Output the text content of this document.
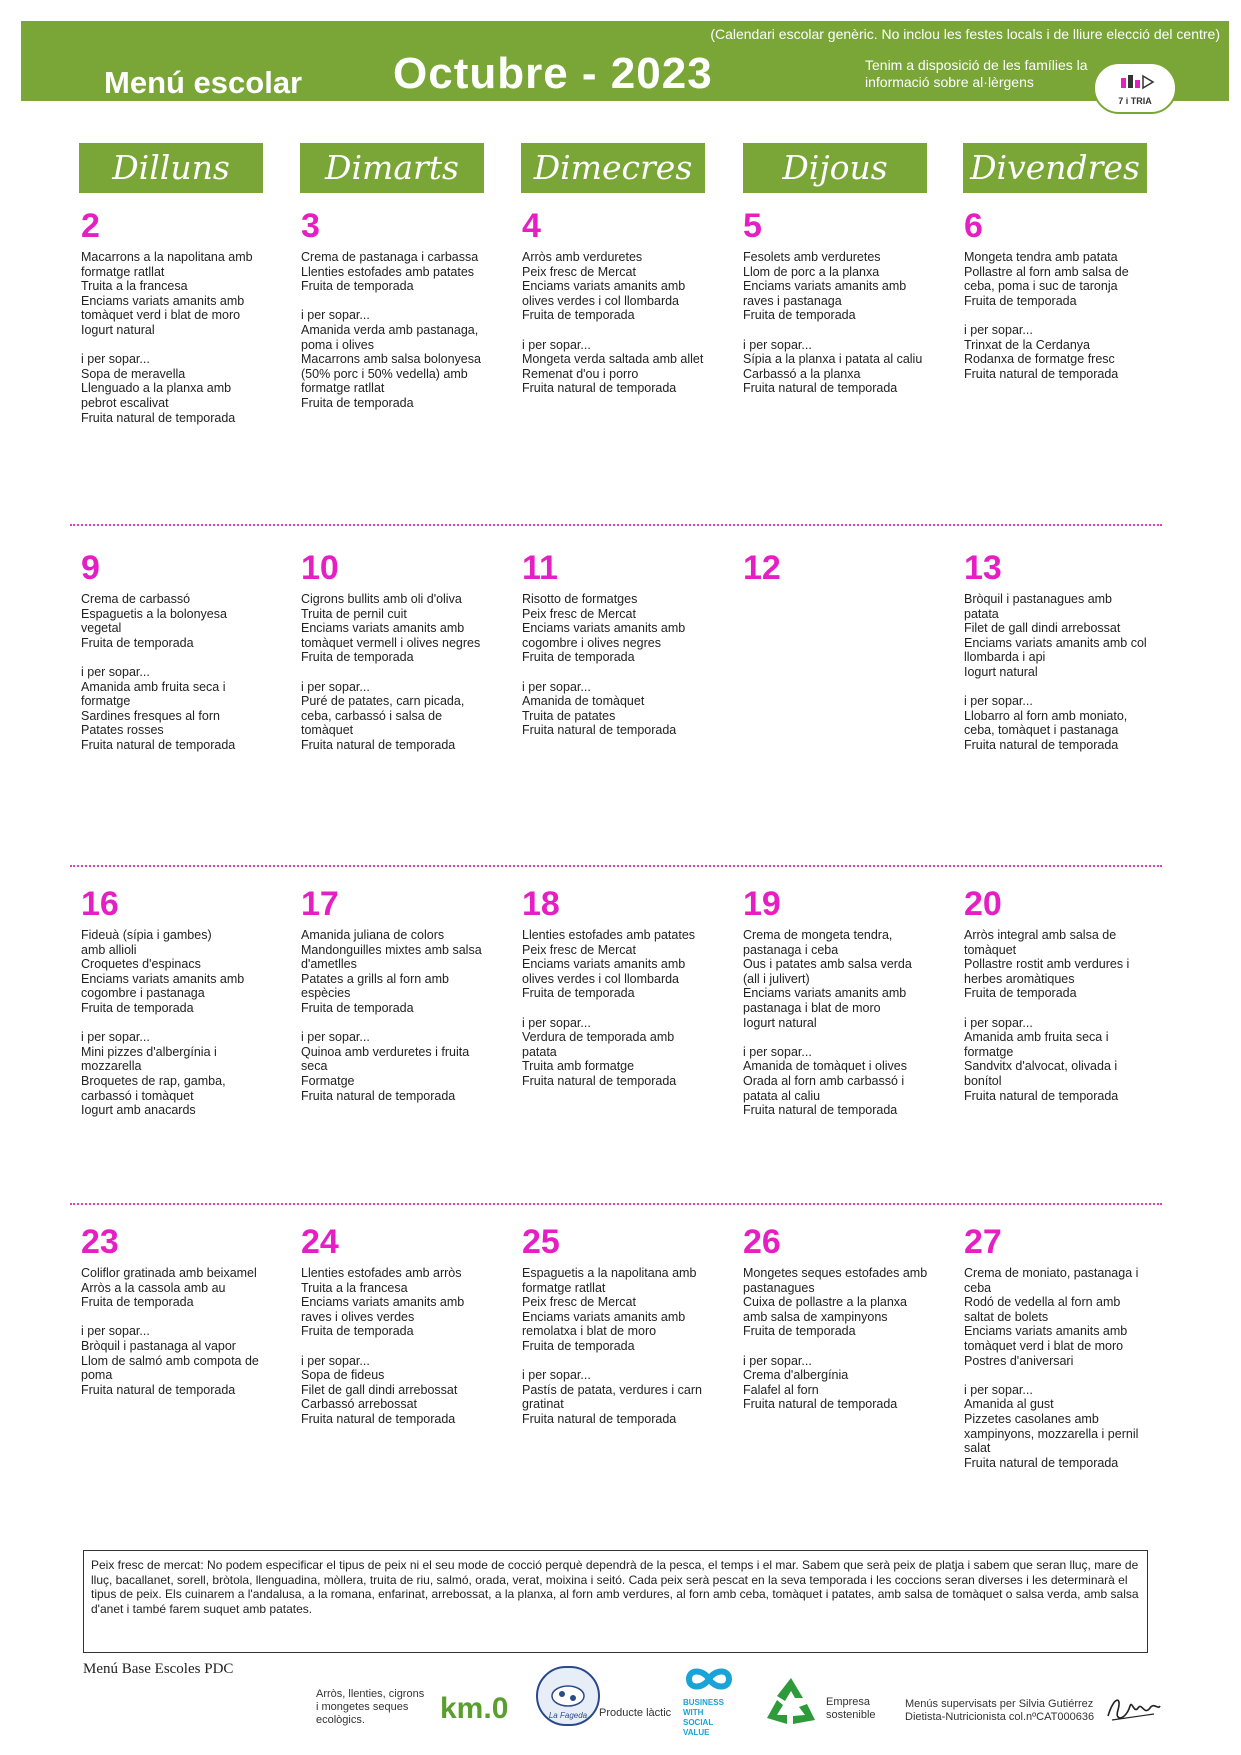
(Calendari escolar genèric. No inclou les festes locals i de lliure elecció del centre)
Menú escolar Octubre - 2023	Tenim a disposició de les famílies la informació sobre al·lèrgens
7 i TRIA
Dilluns	Dimarts	Dimecres	Dijous	Divendres
2
Macarrons a la napolitana amb
formatge ratllat
Truita a la francesa
Enciams variats amanits amb
tomàquet verd i blat de moro
Iogurt natural
i per sopar...
Sopa de meravella
Llenguado a la planxa amb
pebrot escalivat
Fruita natural de temporada
3
Crema de pastanaga i carbassa
Llenties estofades amb patates
Fruita de temporada
i per sopar...
Amanida verda amb pastanaga,
poma i olives
Macarrons amb salsa bolonyesa
(50% porc i 50% vedella) amb
formatge ratllat
Fruita de temporada
4
Arròs amb verduretes
Peix fresc de Mercat
Enciams variats amanits amb
olives verdes i col llombarda
Fruita de temporada
i per sopar...
Mongeta verda saltada amb allet
Remenat d'ou i porro
Fruita natural de temporada
5
Fesolets amb verduretes
Llom de porc a la planxa
Enciams variats amanits amb
raves i pastanaga
Fruita de temporada
i per sopar...
Sípia a la planxa i patata al caliu
Carbassó a la planxa
Fruita natural de temporada
6
Mongeta tendra amb patata
Pollastre al forn amb salsa de
ceba, poma i suc de taronja
Fruita de temporada
i per sopar...
Trinxat de la Cerdanya
Rodanxa de formatge fresc
Fruita natural de temporada
9
Crema de carbassó
Espaguetis a la bolonyesa
vegetal
Fruita de temporada
i per sopar...
Amanida amb fruita seca i
formatge
Sardines fresques al forn
Patates rosses
Fruita natural de temporada
10
Cigrons bullits amb oli d'oliva
Truita de pernil cuit
Enciams variats amanits amb
tomàquet vermell i olives negres
Fruita de temporada
i per sopar...
Puré de patates, carn picada,
ceba, carbassó i salsa de
tomàquet
Fruita natural de temporada
11
Risotto de formatges
Peix fresc de Mercat
Enciams variats amanits amb
cogombre i olives negres
Fruita de temporada
i per sopar...
Amanida de tomàquet
Truita de patates
Fruita natural de temporada
12	13
Bròquil i pastanagues amb
patata
Filet de gall dindi arrebossat
Enciams variats amanits amb col
llombarda i api
Iogurt natural
i per sopar...
Llobarro al forn amb moniato,
ceba, tomàquet i pastanaga
Fruita natural de temporada
16
Fideuà (sípia i gambes)
amb allioli
Croquetes d'espinacs
Enciams variats amanits amb
cogombre i pastanaga
Fruita de temporada
i per sopar...
Mini pizzes d'albergínia i
mozzarella
Broquetes de rap, gamba,
carbassó i tomàquet
Iogurt amb anacards
17
Amanida juliana de colors
Mandonguilles mixtes amb salsa
d'ametlles
Patates a grills al forn amb
espècies
Fruita de temporada
i per sopar...
Quinoa amb verduretes i fruita
seca
Formatge
Fruita natural de temporada
18
Llenties estofades amb patates
Peix fresc de Mercat
Enciams variats amanits amb
olives verdes i col llombarda
Fruita de temporada
i per sopar...
Verdura de temporada amb
patata
Truita amb formatge
Fruita natural de temporada
19
Crema de mongeta tendra,
pastanaga i ceba
Ous i patates amb salsa verda
(all i julivert)
Enciams variats amanits amb
pastanaga i blat de moro
Iogurt natural
i per sopar...
Amanida de tomàquet i olives
Orada al forn amb carbassó i
patata al caliu
Fruita natural de temporada
20
Arròs integral amb salsa de
tomàquet
Pollastre rostit amb verdures i
herbes aromàtiques
Fruita de temporada
i per sopar...
Amanida amb fruita seca i
formatge
Sandvitx d'alvocat, olivada i
bonítol
Fruita natural de temporada
23
Coliflor gratinada amb beixamel
Arròs a la cassola amb au
Fruita de temporada
i per sopar...
Bròquil i pastanaga al vapor
Llom de salmó amb compota de
poma
Fruita natural de temporada
24
Llenties estofades amb arròs
Truita a la francesa
Enciams variats amanits amb
raves i olives verdes
Fruita de temporada
i per sopar...
Sopa de fideus
Filet de gall dindi arrebossat
Carbassó arrebossat
Fruita natural de temporada
25
Espaguetis a la napolitana amb
formatge ratllat
Peix fresc de Mercat
Enciams variats amanits amb
remolatxa i blat de moro
Fruita de temporada
i per sopar...
Pastís de patata, verdures i carn
gratinat
Fruita natural de temporada
26
Mongetes seques estofades amb
pastanagues
Cuixa de pollastre a la planxa
amb salsa de xampinyons
Fruita de temporada
i per sopar...
Crema d'albergínia
Falafel al forn
Fruita natural de temporada
27
Crema de moniato, pastanaga i
ceba
Rodó de vedella al forn amb
saltat de bolets
Enciams variats amanits amb
tomàquet verd i blat de moro
Postres d'aniversari
i per sopar...
Amanida al gust
Pizzetes casolanes amb
xampinyons, mozzarella i pernil
salat
Fruita natural de temporada
Peix fresc de mercat: No podem especificar el tipus de peix ni el seu mode de cocció perquè dependrà de la pesca, el temps i el mar. Sabem que serà peix de platja i sabem que seran lluç, mare de lluç, bacallanet, sorell, bròtola, llenguadina, mòllera, truita de riu, salmó, orada, verat, moixina i seitó. Cada peix serà pescat en la seva temporada i les coccions seran diverses i les determinarà el tipus de peix. Els cuinarem a l'andalusa, a la romana, enfarinat, arrebossat, a la planxa, al forn amb verdures, al forn amb ceba, tomàquet i patates, amb salsa de tomàquet o salsa verda, amb salsa d'anet i també farem suquet amb patates.
Menú Base Escoles PDC
Arròs, llenties, cigrons i mongetes seques ecològics.	km.0	La Fageda	Producte làctic
BUSINESS
WITH
SOCIAL
VALUE
Empresa sostenible
Menús supervisats per Silvia Gutiérrez
Dietista-Nutricionista col.nºCAT000636
